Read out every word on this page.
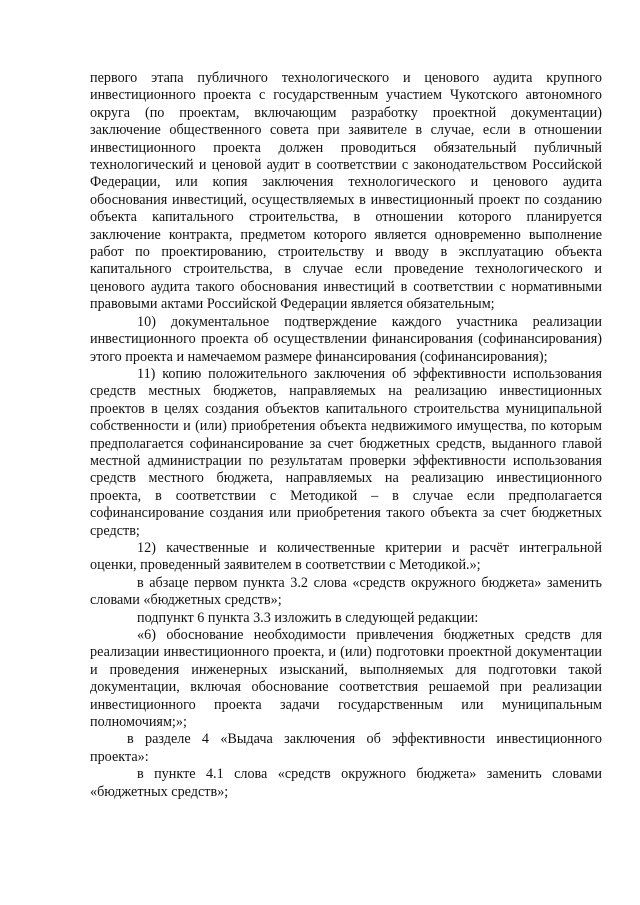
первого этапа публичного технологического и ценового аудита крупного инвестиционного проекта с государственным участием Чукотского автономного округа (по проектам, включающим разработку проектной документации) заключение общественного совета при заявителе в случае, если в отношении инвестиционного проекта должен проводиться обязательный публичный технологический и ценовой аудит в соответствии с законодательством Российской Федерации, или копия заключения технологического и ценового аудита обоснования инвестиций, осуществляемых в инвестиционный проект по созданию объекта капитального строительства, в отношении которого планируется заключение контракта, предметом которого является одновременно выполнение работ по проектированию, строительству и вводу в эксплуатацию объекта капитального строительства, в случае если проведение технологического и ценового аудита такого обоснования инвестиций в соответствии с нормативными правовыми актами Российской Федерации является обязательным;

10) документальное подтверждение каждого участника реализации инвестиционного проекта об осуществлении финансирования (софинансирования) этого проекта и намечаемом размере финансирования (софинансирования);

11) копию положительного заключения об эффективности использования средств местных бюджетов, направляемых на реализацию инвестиционных проектов в целях создания объектов капитального строительства муниципальной собственности и (или) приобретения объекта недвижимого имущества, по которым предполагается софинансирование за счет бюджетных средств, выданного главой местной администрации по результатам проверки эффективности использования средств местного бюджета, направляемых на реализацию инвестиционного проекта, в соответствии с Методикой – в случае если предполагается софинансирование создания или приобретения такого объекта за счет бюджетных средств;

12) качественные и количественные критерии и расчёт интегральной оценки, проведенный заявителем в соответствии с Методикой.»;

в абзаце первом пункта 3.2 слова «средств окружного бюджета» заменить словами «бюджетных средств»;

подпункт 6 пункта 3.3 изложить в следующей редакции:

«6) обоснование необходимости привлечения бюджетных средств для реализации инвестиционного проекта, и (или) подготовки проектной документации и проведения инженерных изысканий, выполняемых для подготовки такой документации, включая обоснование соответствия решаемой при реализации инвестиционного проекта задачи государственным или муниципальным полномочиям;»;

в разделе 4 «Выдача заключения об эффективности инвестиционного проекта»:

в пункте 4.1 слова «средств окружного бюджета» заменить словами «бюджетных средств»;
